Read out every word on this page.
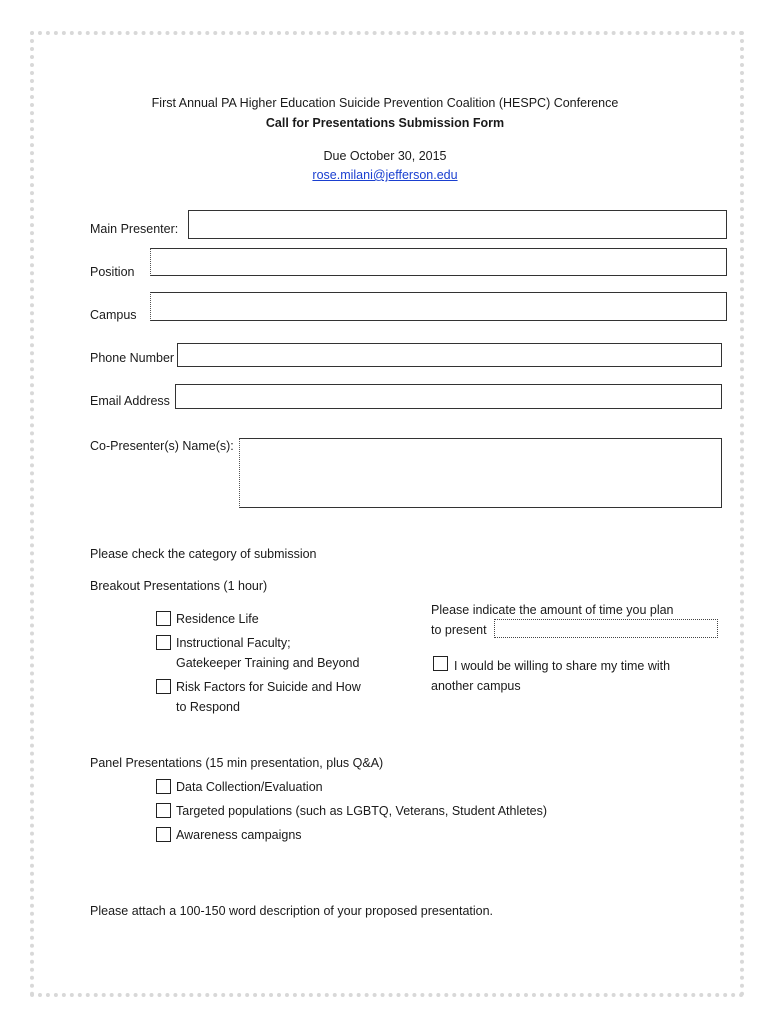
First Annual PA Higher Education Suicide Prevention Coalition (HESPC) Conference
Call for Presentations Submission Form
Due October 30, 2015
rose.milani@jefferson.edu
Main Presenter:
Position
Campus
Phone Number
Email Address
Co-Presenter(s) Name(s):
Please check the category of submission
Breakout Presentations (1 hour)
Residence Life
Instructional Faculty;
Gatekeeper Training and Beyond
Risk Factors for Suicide and How
to Respond
Please indicate the amount of time you plan
to present
I would be willing to share my time with
another campus
Panel Presentations (15 min presentation, plus Q&A)
Data Collection/Evaluation
Targeted populations (such as LGBTQ, Veterans, Student Athletes)
Awareness campaigns
Please attach a 100-150 word description of your proposed presentation.
